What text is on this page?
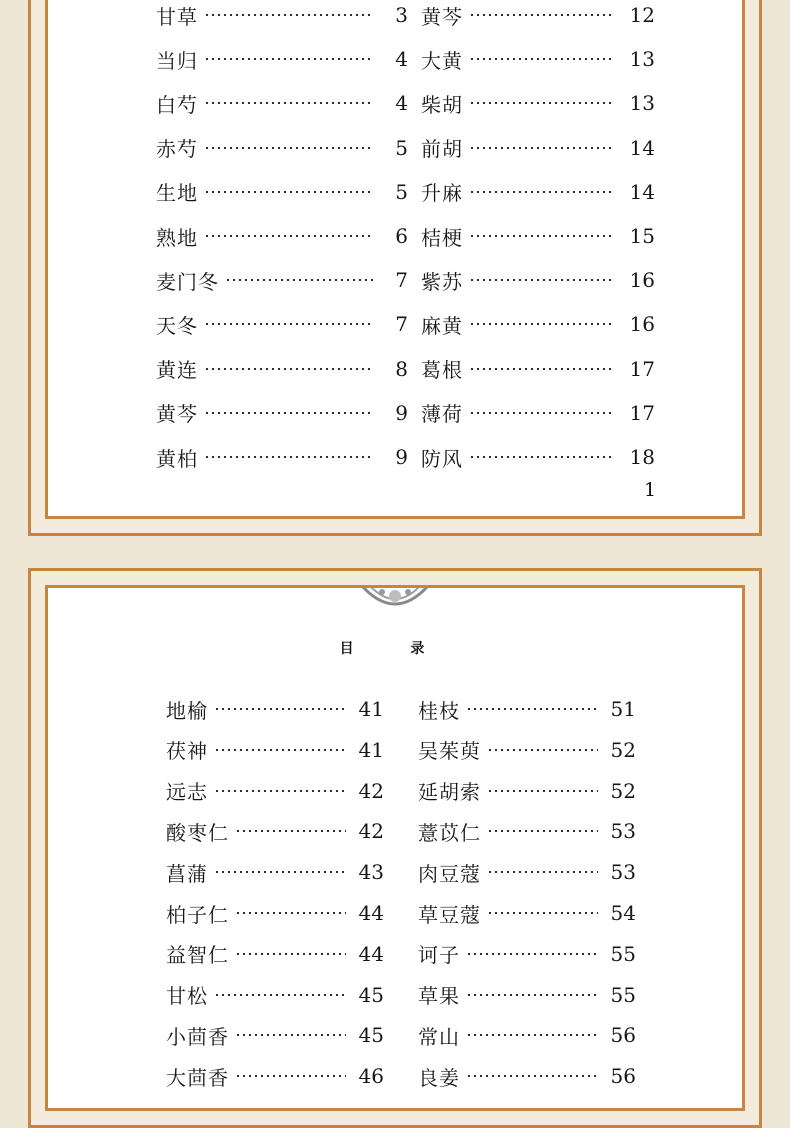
甘草	3
当归	4
白芍	4
赤芍	5
生地	5
熟地	6
麦门冬	7
天冬	7
黄连	8
黄芩	9
黄柏	9
黄芩	12
大黄	13
柴胡	13
前胡	14
升麻	14
桔梗	15
紫苏	16
麻黄	16
葛根	17
薄荷	17
防风	18
1
目 录
地榆	41
茯神	41
远志	42
酸枣仁	42
菖蒲	43
柏子仁	44
益智仁	44
甘松	45
小茴香	45
大茴香	46
桂枝	51
吴茱萸	52
延胡索	52
薏苡仁	53
肉豆蔻	53
草豆蔻	54
诃子	55
草果	55
常山	56
良姜	56
